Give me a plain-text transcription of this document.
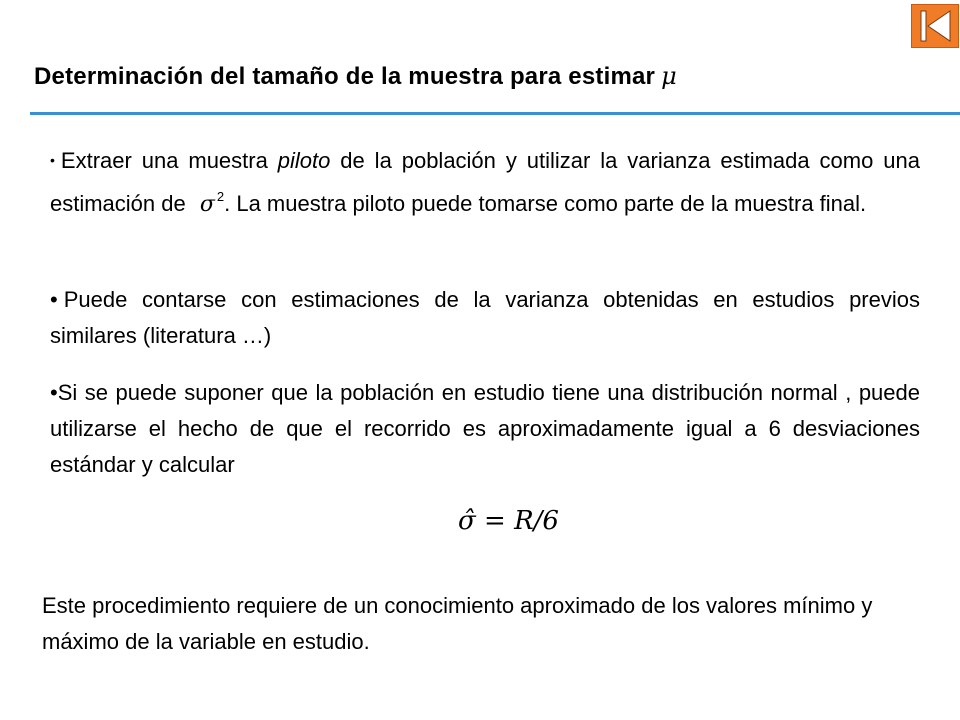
Determinación del tamaño de la muestra para estimar μ
• Extraer una muestra piloto de la población y utilizar la varianza estimada como una estimación de σ $^2$. La muestra piloto puede tomarse como parte de la muestra final.
• Puede contarse con estimaciones de la varianza obtenidas en estudios previos similares (literatura …)
•Si se puede suponer que la población en estudio tiene una distribución normal , puede utilizarse el hecho de que el recorrido es aproximadamente igual a 6 desviaciones estándar y calcular
σ̂ = R/6
Este procedimiento requiere de un conocimiento aproximado de los valores mínimo y máximo de la variable en estudio.
